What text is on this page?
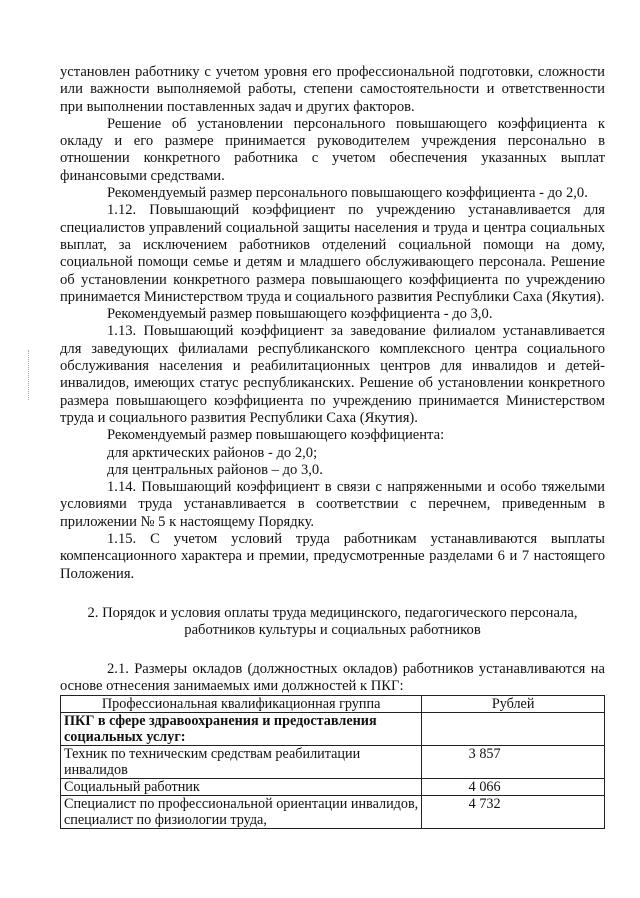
установлен работнику с учетом уровня его профессиональной подготовки, сложности или важности выполняемой работы, степени самостоятельности и ответственности при выполнении поставленных задач и других факторов.

Решение об установлении персонального повышающего коэффициента к окладу и его размере принимается руководителем учреждения персонально в отношении конкретного работника с учетом обеспечения указанных выплат финансовыми средствами.

Рекомендуемый размер персонального повышающего коэффициента - до 2,0.

1.12. Повышающий коэффициент по учреждению устанавливается для специалистов управлений социальной защиты населения и труда и центра социальных выплат, за исключением работников отделений социальной помощи на дому, социальной помощи семье и детям и младшего обслуживающего персонала. Решение об установлении конкретного размера повышающего коэффициента по учреждению принимается Министерством труда и социального развития Республики Саха (Якутия).

Рекомендуемый размер повышающего коэффициента - до 3,0.

1.13. Повышающий коэффициент за заведование филиалом устанавливается для заведующих филиалами республиканского комплексного центра социального обслуживания населения и реабилитационных центров для инвалидов и детей-инвалидов, имеющих статус республиканских. Решение об установлении конкретного размера повышающего коэффициента по учреждению принимается Министерством труда и социального развития Республики Саха (Якутия).

Рекомендуемый размер повышающего коэффициента:

для арктических районов - до 2,0;

для центральных районов – до 3,0.

1.14. Повышающий коэффициент в связи с напряженными и особо тяжелыми условиями труда устанавливается в соответствии с перечнем, приведенным в приложении № 5 к настоящему Порядку.

1.15. С учетом условий труда работникам устанавливаются выплаты компенсационного характера и премии, предусмотренные разделами 6 и 7 настоящего Положения.

2. Порядок и условия оплаты труда медицинского, педагогического персонала,
работников культуры и социальных работников

2.1. Размеры окладов (должностных окладов) работников устанавливаются на основе отнесения занимаемых ими должностей к ПКГ:

Профессиональная квалификационная группа	Рублей
ПКГ в сфере здравоохранения и предоставления социальных услуг:	
Техник по техническим средствам реабилитации инвалидов	3 857
Социальный работник	4 066
Специалист по профессиональной ориентации инвалидов, специалист по физиологии труда,	4 732
